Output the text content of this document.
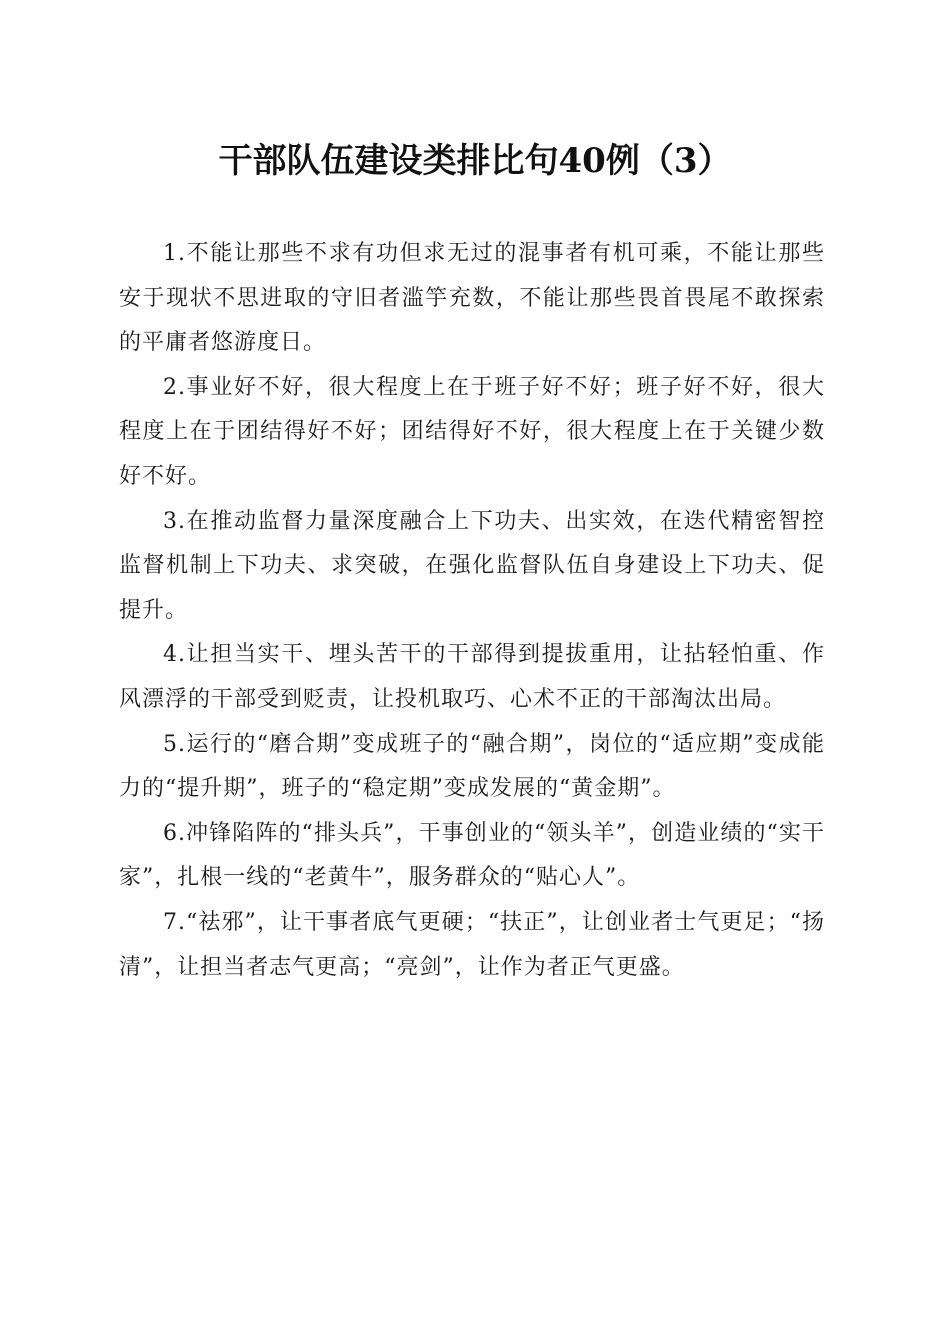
干部队伍建设类排比句40例（3）

1.不能让那些不求有功但求无过的混事者有机可乘，不能让那些安于现状不思进取的守旧者滥竽充数，不能让那些畏首畏尾不敢探索的平庸者悠游度日。

2.事业好不好，很大程度上在于班子好不好；班子好不好，很大程度上在于团结得好不好；团结得好不好，很大程度上在于关键少数好不好。

3.在推动监督力量深度融合上下功夫、出实效，在迭代精密智控监督机制上下功夫、求突破，在强化监督队伍自身建设上下功夫、促提升。

4.让担当实干、埋头苦干的干部得到提拔重用，让拈轻怕重、作风漂浮的干部受到贬责，让投机取巧、心术不正的干部淘汰出局。

5.运行的“磨合期”变成班子的“融合期”，岗位的“适应期”变成能力的“提升期”，班子的“稳定期”变成发展的“黄金期”。

6.冲锋陷阵的“排头兵”，干事创业的“领头羊”，创造业绩的“实干家”，扎根一线的“老黄牛”，服务群众的“贴心人”。

7.“祛邪”，让干事者底气更硬；“扶正”，让创业者士气更足；“扬清”，让担当者志气更高；“亮剑”，让作为者正气更盛。
